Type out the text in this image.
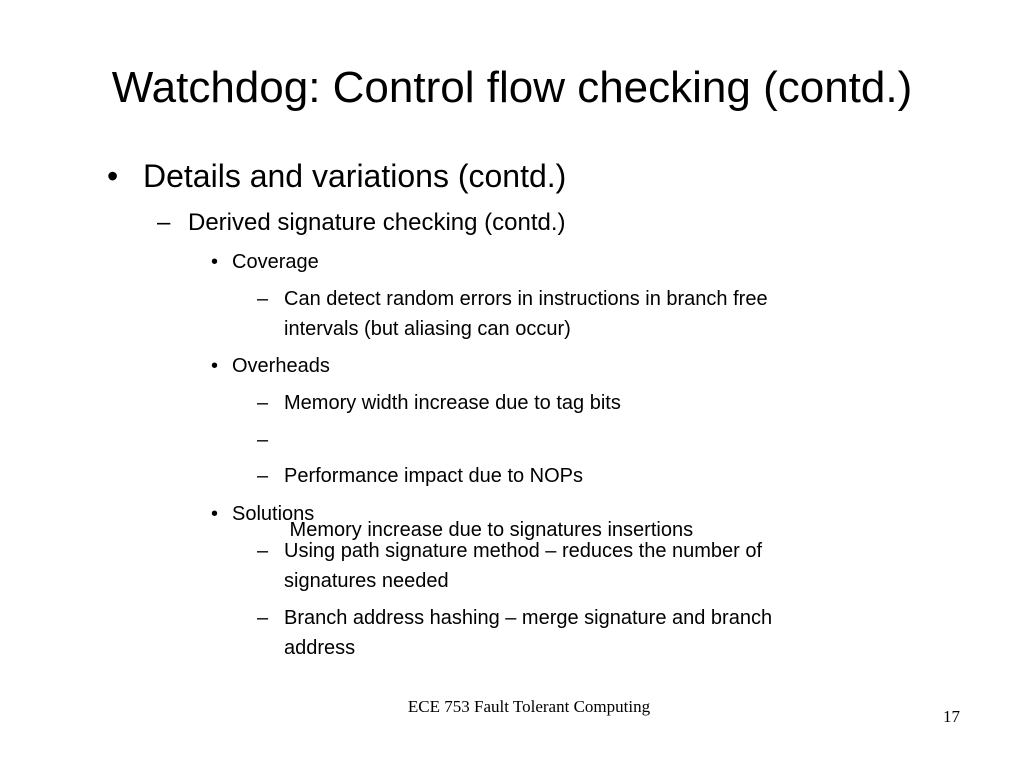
Watchdog: Control flow checking (contd.)
• Details and variations (contd.)
– Derived signature checking (contd.)
• Coverage
– Can detect random errors in instructions in branch free
intervals (but aliasing can occur)
• Overheads
– Memory width increase due to tag bits

–

Memory increase due to signatures insertions

– Performance impact due to NOPs
• Solutions
– Using path signature method – reduces the number of
signatures needed
– Branch address hashing – merge signature and branch
address
ECE 753 Fault Tolerant Computing
17
